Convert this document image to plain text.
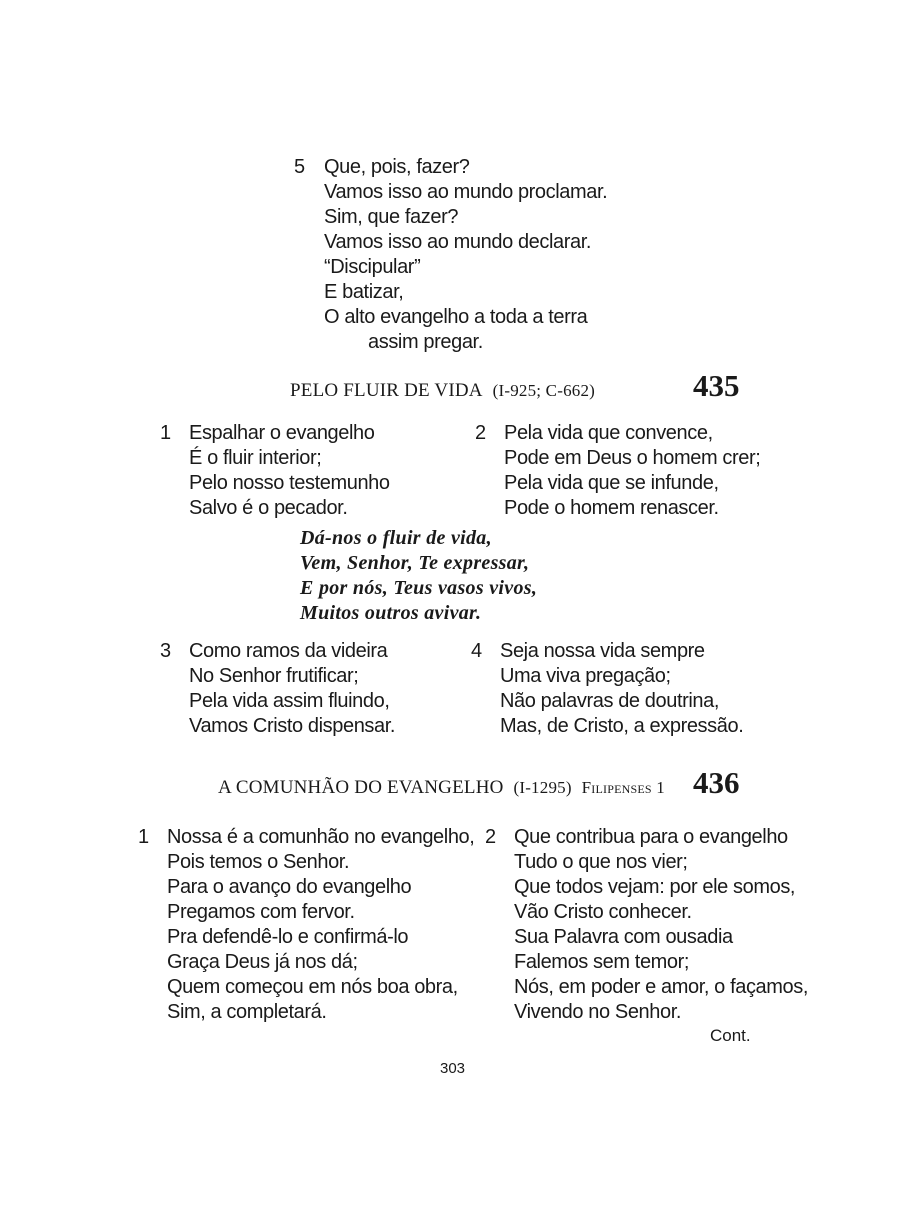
5 Que, pois, fazer?
Vamos isso ao mundo proclamar.
Sim, que fazer?
Vamos isso ao mundo declarar.
“Discipular”
E batizar,
O alto evangelho a toda a terra
assim pregar.
PELO FLUIR DE VIDA (I-925; C-662)	435
1 Espalhar o evangelho
É o fluir interior;
Pelo nosso testemunho
Salvo é o pecador.
2 Pela vida que convence,
Pode em Deus o homem crer;
Pela vida que se infunde,
Pode o homem renascer.
Dá-nos o fluir de vida,
Vem, Senhor, Te expressar,
E por nós, Teus vasos vivos,
Muitos outros avivar.
3 Como ramos da videira
No Senhor frutificar;
Pela vida assim fluindo,
Vamos Cristo dispensar.
4 Seja nossa vida sempre
Uma viva pregação;
Não palavras de doutrina,
Mas, de Cristo, a expressão.
A COMUNHÃO DO EVANGELHO (I-1295) Filipenses 1 436
1 Nossa é a comunhão no evangelho,
Pois temos o Senhor.
Para o avanço do evangelho
Pregamos com fervor.
Pra defendê-lo e confirmá-lo
Graça Deus já nos dá;
Quem começou em nós boa obra,
Sim, a completará.
2 Que contribua para o evangelho
Tudo o que nos vier;
Que todos vejam: por ele somos,
Vão Cristo conhecer.
Sua Palavra com ousadia
Falemos sem temor;
Nós, em poder e amor, o façamos,
Vivendo no Senhor.
Cont.
303
